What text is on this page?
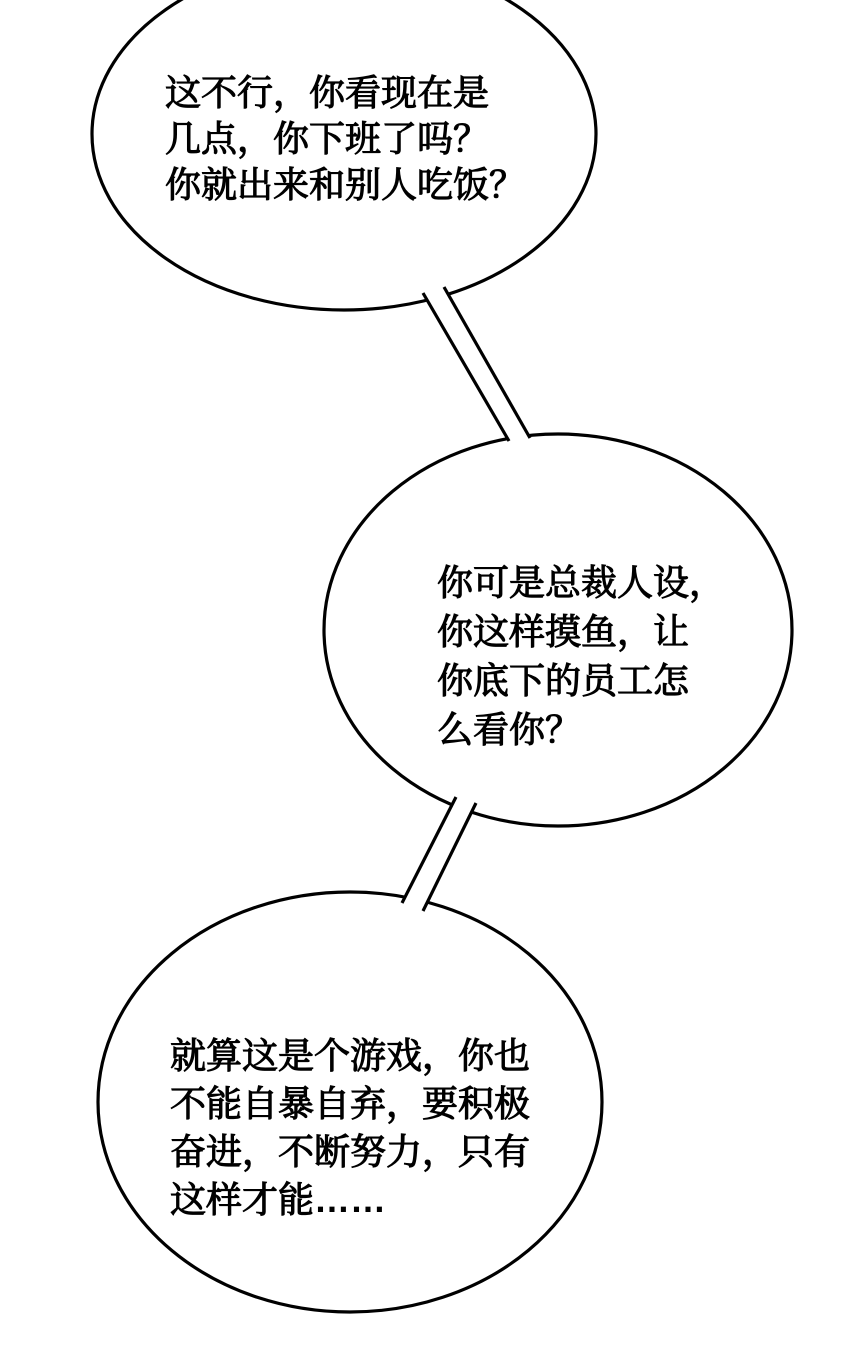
这不行，你看现在是
几点，你下班了吗？
你就出来和别人吃饭？
你可是总裁人设，
你这样摸鱼，让
你底下的员工怎
么看你？
就算这是个游戏，你也
不能自暴自弃，要积极
奋进，不断努力，只有
这样才能……
